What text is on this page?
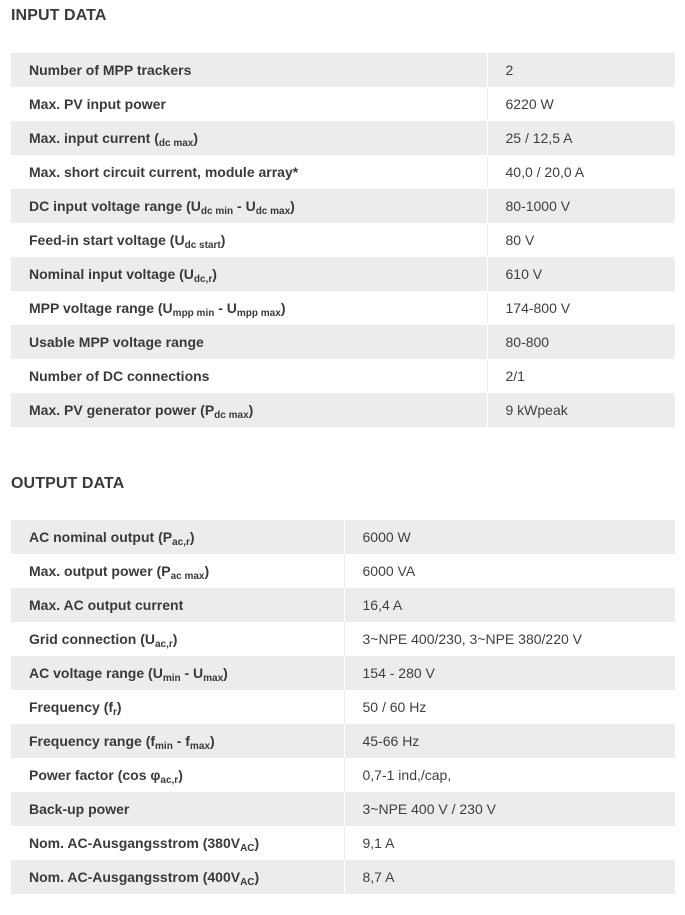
INPUT DATA
Number of MPP trackers	2
Max. PV input power	6220 W
Max. input current $(_{dc max})$	25 / 12,5 A
Max. short circuit current, module array*	40,0 / 20,0 A
DC input voltage range $(U_{dc min} - U_{dc max})$	80-1000 V
Feed-in start voltage $(U_{dc start})$	80 V
Nominal input voltage $(U_{dc,r})$	610 V
MPP voltage range $(U_{mpp min} - U_{mpp max})$	174-800 V
Usable MPP voltage range	80-800
Number of DC connections	2/1
Max. PV generator power $(P_{dc max})$	9 kWpeak
OUTPUT DATA
AC nominal output $(P_{ac,r})$	6000 W
Max. output power $(P_{ac max})$	6000 VA
Max. AC output current	16,4 A
Grid connection $(U_{ac,r})$	3~NPE 400/230, 3~NPE 380/220 V
AC voltage range $(U_{min} - U_{max})$	154 - 280 V
Frequency $(f_r)$	50 / 60 Hz
Frequency range $(f_{min} - f_{max})$	45-66 Hz
Power factor (cos $\varphi_{ac,r}$)	0,7-1 ind,/cap,
Back-up power	3~NPE 400 V / 230 V
Nom. AC-Ausgangsstrom $(380V_{AC})$	9,1 A
Nom. AC-Ausgangsstrom $(400V_{AC})$	8,7 A
